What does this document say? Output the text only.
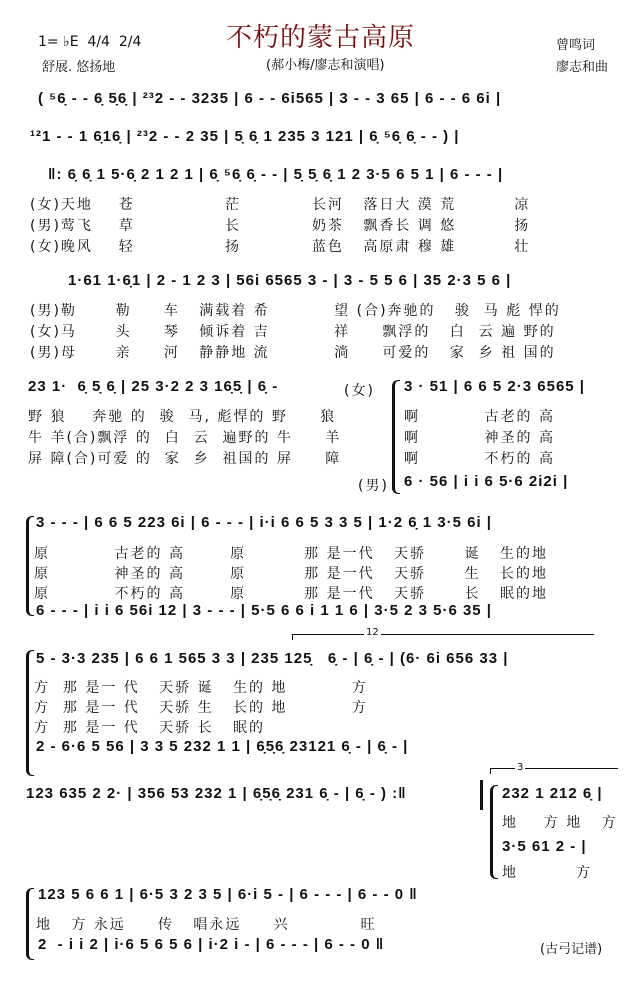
1= ♭E  4/4  2/4
舒展. 悠扬地
不朽的蒙古高原
(郝小梅/廖志和演唱)
曾鸣词
廖志和曲
( ⁵6̣ - - 6̣ 5̣6̣ | ²³2 - - 3235 | 6 - - 6i565 | 3 - - 3 65 | 6 - - 6 6i |
¹²1 - - 1 6̣16̣ | ²³2 - - 2 35 | 5̣ 6̣ 1 235 3 121 | 6̣ ⁵6̣ 6̣ - - ) |
‖: 6̣ 6̣ 1 5·6̣ 2 1 2 1 | 6̣ ⁵6̣ 6̣ - - | 5̣ 5̣ 6̣ 1 2 3·5 6 5 1 | 6 - - - |
(女)天地    苍              茫           长河   落日大 漠 荒         凉
(男)莺飞    草              长           奶茶   飘香长 调 悠         扬
(女)晚风    轻              扬           蓝色   高原肃 穆 雄         壮
1·61 1·6̣1 | 2 - 1 2 3 | 56i 6565 3 - | 3 - 5 5 6 | 35 2·3 5 6 |
(男)勒      勒     车   满载着 希          望 (合)奔驰的   骏  马 彪 悍的
(女)马      头     琴   倾诉着 吉          祥     飘浮的   白  云 遍 野的
(男)母      亲     河   静静地 流          淌     可爱的   家  乡 祖 国的
23 1·  6̣ 5̣ 6̣ | 25 3·2 2 3 16̣5̣ | 6̣ -	(女)
野 狼    奔驰 的  骏  马, 彪悍的 野     狼
牛 羊(合)飘浮 的  白  云  遍野的 牛     羊
屏 障(合)可爱 的  家  乡  祖国的 屏     障
3 · 51 | 6 6 5 2·3 6565 |
啊          古老的 高
啊          神圣的 高
啊          不朽的 高
(男) 6 · 56 | i i 6 5·6 2i2i |
3 - - - | 6 6 5 223 6i | 6 - - - | i·i 6 6 5 3 3 5 | 1·2 6̣ 1 3·5 6i |
原          古老的 高       原         那 是一代   天骄      诞   生的地
原          神圣的 高       原         那 是一代   天骄      生   长的地
原          不朽的 高       原         那 是一代   天骄      长   眠的地
6 - - - | i i 6 56i 12 | 3 - - - | 5·5 6 6 i 1 1 6 | 3·5 2 3 5·6 35 |
12
5 - 3·3 235 | 6 6 1 565 3 3 | 235 125̣   6̣ - | 6̣ - | (6· 6i 656 33 |
方  那 是一 代   天骄 诞   生的 地          方
方  那 是一 代   天骄 生   长的 地          方
方  那 是一 代   天骄 长   眠的
2 - 6·6 5 56 | 3 3 5 232 1 1 | 6̣5̣6̣ 23121 6̣ - | 6̣ - |
123 635 2 2· | 356 53 232 1 | 6̣5̣6̣ 231 6̣ - | 6̣ - ) :‖
3
232 1 212 6̣ |
地    方 地   方
3·5 61 2 - |
地         方
123 5 6 6 1 | 6·5 3 2 3 5 | 6·i 5 - | 6 - - - | 6 - - 0 ‖
地   方 永远     传   唱永远     兴           旺
2  - i i 2 | i·6 5 6 5 6 | i·2 i - | 6 - - - | 6 - - 0 ‖	(古弓记谱)
